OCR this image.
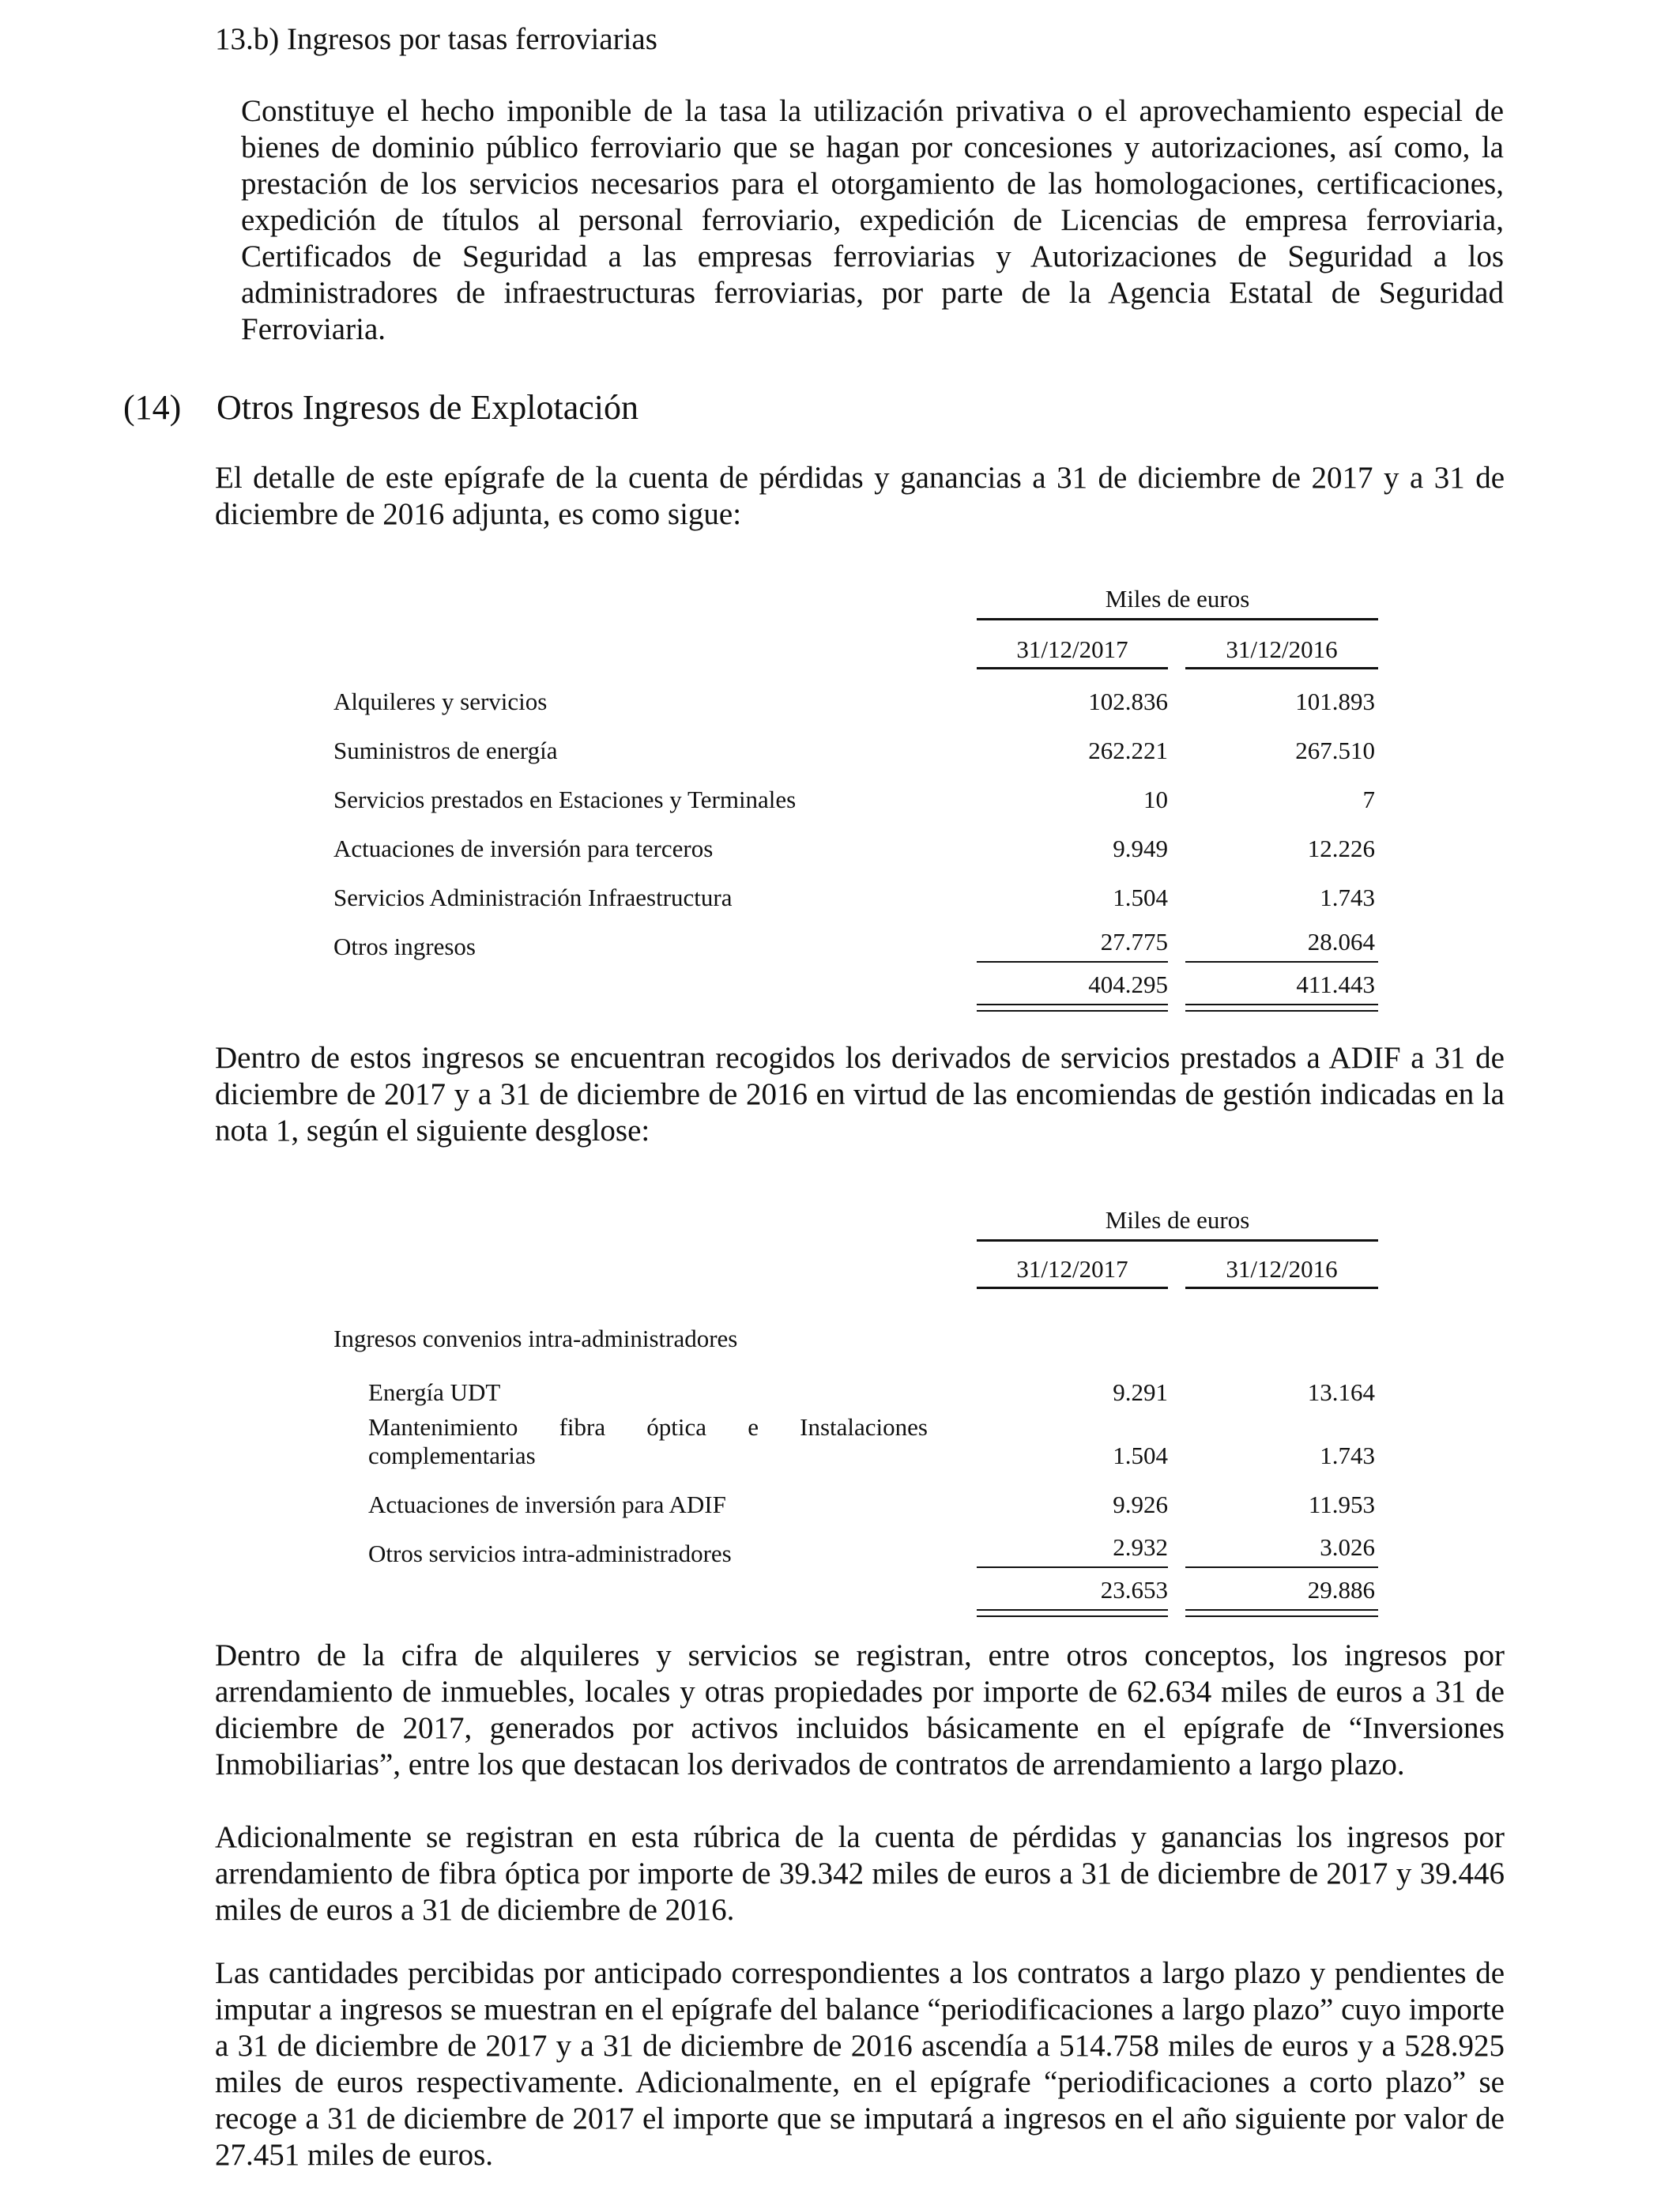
13.b) Ingresos por tasas ferroviarias

Constituye el hecho imponible de la tasa la utilización privativa o el aprovechamiento especial de bienes de dominio público ferroviario que se hagan por concesiones y autorizaciones, así como, la prestación de los servicios necesarios para el otorgamiento de las homologaciones, certificaciones, expedición de títulos al personal ferroviario, expedición de Licencias de empresa ferroviaria, Certificados de Seguridad a las empresas ferroviarias y Autorizaciones de Seguridad a los administradores de infraestructuras ferroviarias, por parte de la Agencia Estatal de Seguridad Ferroviaria.

(14)	Otros Ingresos de Explotación

El detalle de este epígrafe de la cuenta de pérdidas y ganancias a 31 de diciembre de 2017 y a 31 de diciembre de 2016 adjunta, es como sigue:

Miles de euros
31/12/2017	31/12/2016
Alquileres y servicios	102.836	101.893
Suministros de energía	262.221	267.510
Servicios prestados en Estaciones y Terminales	10	7
Actuaciones de inversión para terceros	9.949	12.226
Servicios Administración Infraestructura	1.504	1.743
Otros ingresos	27.775	28.064
404.295	411.443

Dentro de estos ingresos se encuentran recogidos los derivados de servicios prestados a ADIF a 31 de diciembre de 2017 y a 31 de diciembre de 2016 en virtud de las encomiendas de gestión indicadas en la nota 1, según el siguiente desglose:

Miles de euros
31/12/2017	31/12/2016
Ingresos convenios intra-administradores
Energía UDT	9.291	13.164
Mantenimiento fibra óptica e Instalaciones
complementarias	1.504	1.743
Actuaciones de inversión para ADIF	9.926	11.953
Otros servicios intra-administradores	2.932	3.026
23.653	29.886

Dentro de la cifra de alquileres y servicios se registran, entre otros conceptos, los ingresos por arrendamiento de inmuebles, locales y otras propiedades por importe de 62.634 miles de euros a 31 de diciembre de 2017, generados por activos incluidos básicamente en el epígrafe de “Inversiones Inmobiliarias”, entre los que destacan los derivados de contratos de arrendamiento a largo plazo.

Adicionalmente se registran en esta rúbrica de la cuenta de pérdidas y ganancias los ingresos por arrendamiento de fibra óptica por importe de 39.342 miles de euros a 31 de diciembre de 2017 y 39.446 miles de euros a 31 de diciembre de 2016.

Las cantidades percibidas por anticipado correspondientes a los contratos a largo plazo y pendientes de imputar a ingresos se muestran en el epígrafe del balance “periodificaciones a largo plazo” cuyo importe a 31 de diciembre de 2017 y a 31 de diciembre de 2016 ascendía a 514.758 miles de euros y a 528.925 miles de euros respectivamente. Adicionalmente, en el epígrafe “periodificaciones a corto plazo” se recoge a 31 de diciembre de 2017 el importe que se imputará a ingresos en el año siguiente por valor de 27.451 miles de euros.
